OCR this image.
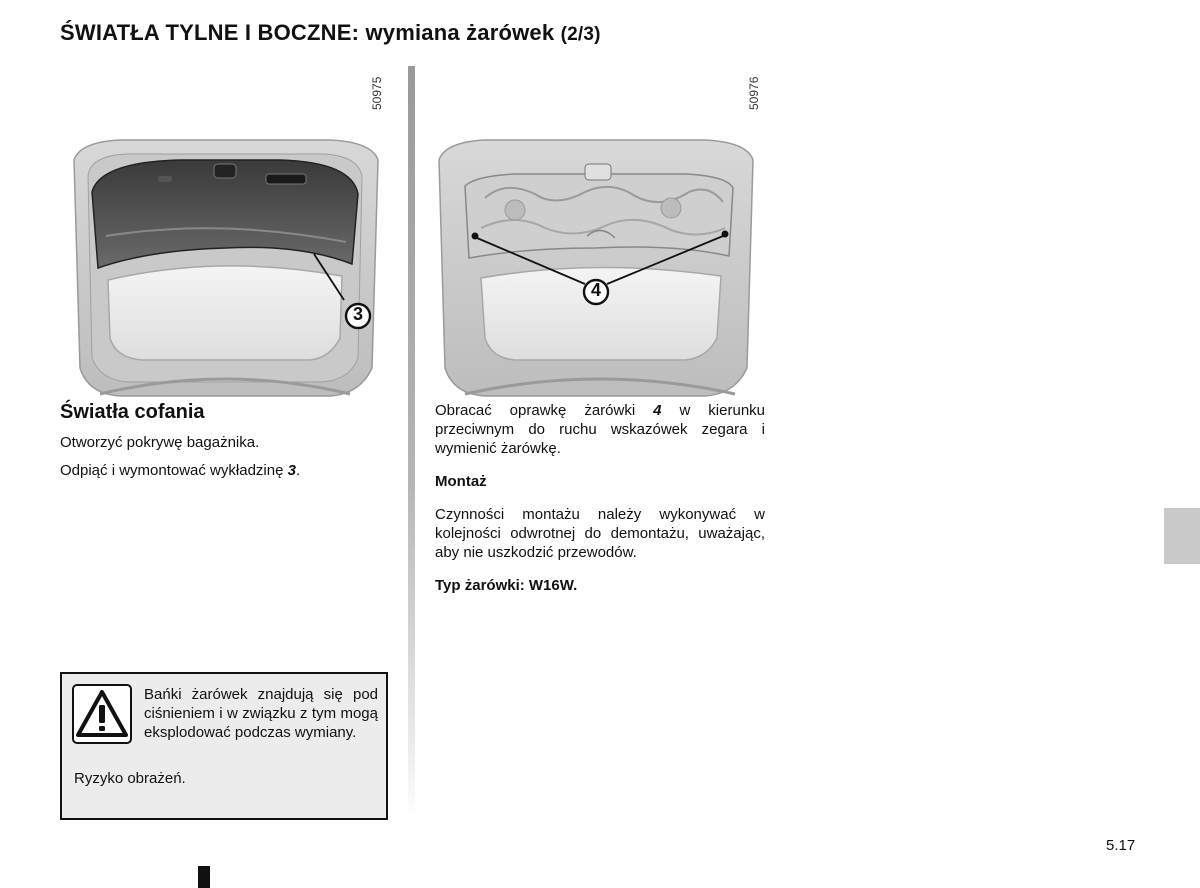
ŚWIATŁA TYLNE I BOCZNE: wymiana żarówek (2/3)
50975
3
50976
4
Światła cofania
Otworzyć pokrywę bagażnika.
Odpiąć i wymontować wykładzinę 3.

Obracać oprawkę żarówki 4 w kierunku przeciwnym do ruchu wskazówek zegara i wymienić żarówkę.

Montaż

Czynności montażu należy wykonywać w kolejności odwrotnej do demontażu, uważając, aby nie uszkodzić przewodów.

Typ żarówki: W16W.

Bańki żarówek znajdują się pod ciśnieniem i w związku z tym mogą eksplodować podczas wymiany.
Ryzyko obrażeń.
5.17
